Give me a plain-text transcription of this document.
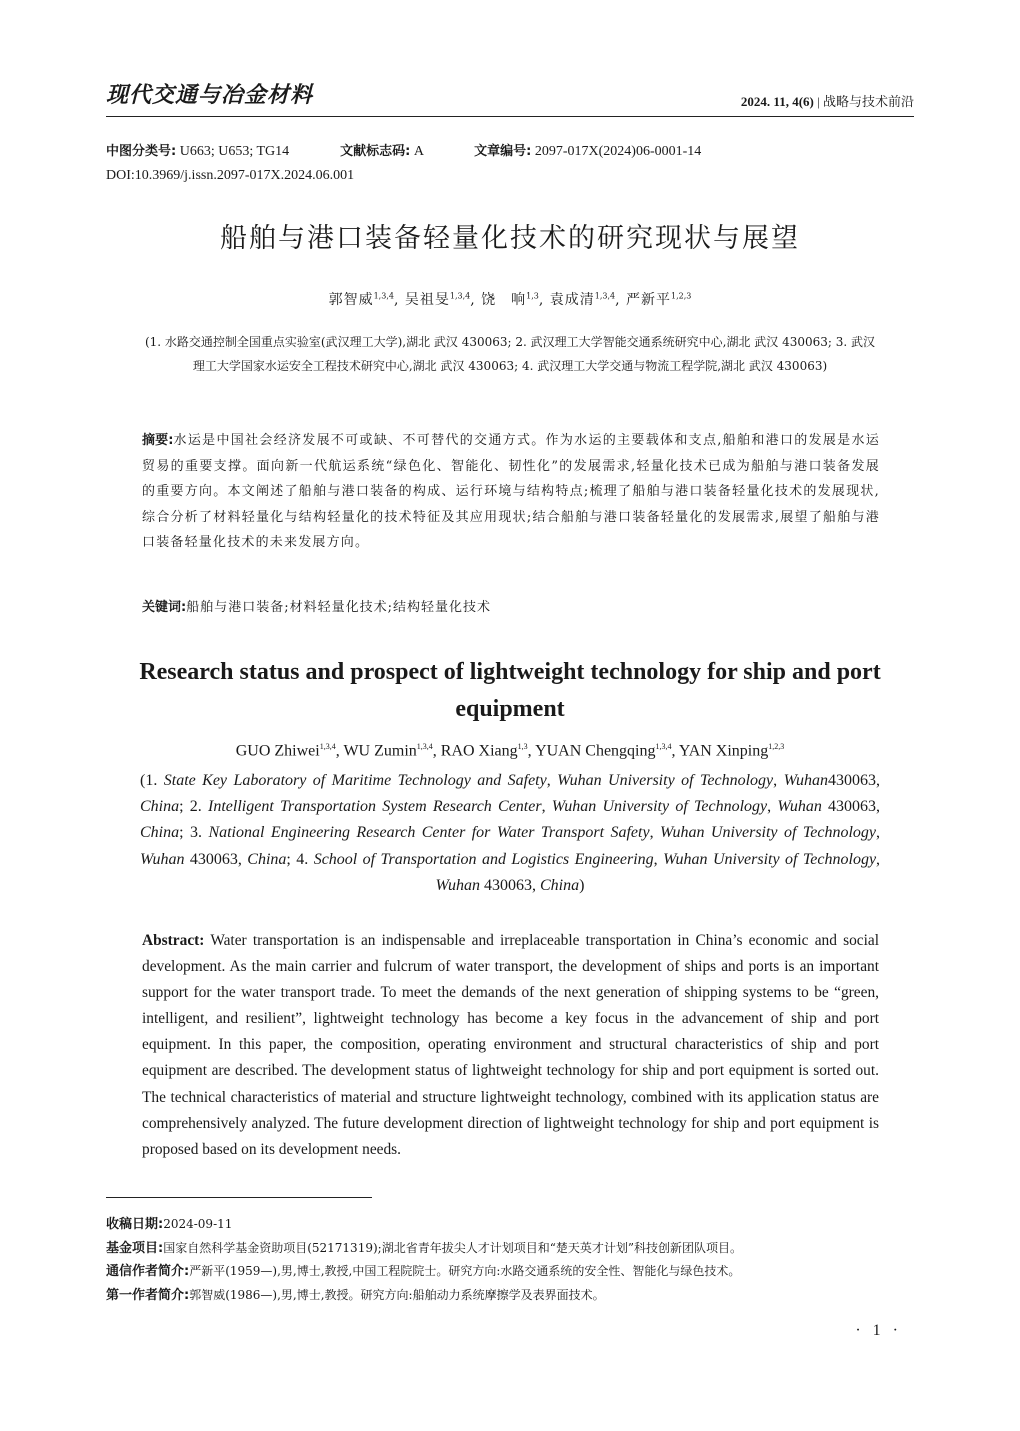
现代交通与冶金材料	2024. 11, 4(6) | 战略与技术前沿
中图分类号: U663; U653; TG14	文献标志码: A	文章编号: 2097-017X(2024)06-0001-14
DOI:10.3969/j.issn.2097-017X.2024.06.001
船舶与港口装备轻量化技术的研究现状与展望
郭智威$^{1,3,4}$, 吴祖旻$^{1,3,4}$, 饶　响$^{1,3}$, 袁成清$^{1,3,4}$, 严新平$^{1,2,3}$
(1. 水路交通控制全国重点实验室(武汉理工大学),湖北 武汉 430063; 2. 武汉理工大学智能交通系统研究中心,湖北 武汉 430063; 3. 武汉理工大学国家水运安全工程技术研究中心,湖北 武汉 430063; 4. 武汉理工大学交通与物流工程学院,湖北 武汉 430063)
摘要:水运是中国社会经济发展不可或缺、不可替代的交通方式。作为水运的主要载体和支点,船舶和港口的发展是水运贸易的重要支撑。面向新一代航运系统“绿色化、智能化、韧性化”的发展需求,轻量化技术已成为船舶与港口装备发展的重要方向。本文阐述了船舶与港口装备的构成、运行环境与结构特点;梳理了船舶与港口装备轻量化技术的发展现状,综合分析了材料轻量化与结构轻量化的技术特征及其应用现状;结合船舶与港口装备轻量化的发展需求,展望了船舶与港口装备轻量化技术的未来发展方向。
关键词:船舶与港口装备;材料轻量化技术;结构轻量化技术
Research status and prospect of lightweight technology for ship and port equipment
GUO Zhiwei$^{1,3,4}$, WU Zumin$^{1,3,4}$, RAO Xiang$^{1,3}$, YUAN Chengqing$^{1,3,4}$, YAN Xinping$^{1,2,3}$
(1. State Key Laboratory of Maritime Technology and Safety, Wuhan University of Technology, Wuhan430063, China; 2. Intelligent Transportation System Research Center, Wuhan University of Technology, Wuhan 430063, China; 3. National Engineering Research Center for Water Transport Safety, Wuhan University of Technology, Wuhan 430063, China; 4. School of Transportation and Logistics Engineering, Wuhan University of Technology, Wuhan 430063, China)
Abstract: Water transportation is an indispensable and irreplaceable transportation in China’s economic and social development. As the main carrier and fulcrum of water transport, the development of ships and ports is an important support for the water transport trade. To meet the demands of the next generation of shipping systems to be “green, intelligent, and resilient”, lightweight technology has become a key focus in the advancement of ship and port equipment. In this paper, the composition, operating environment and structural characteristics of ship and port equipment are described. The development status of lightweight technology for ship and port equipment is sorted out. The technical characteristics of material and structure lightweight technology, combined with its application status are comprehensively analyzed. The future development direction of lightweight technology for ship and port equipment is proposed based on its development needs.
收稿日期:2024-09-11
基金项目:国家自然科学基金资助项目(52171319);湖北省青年拔尖人才计划项目和“楚天英才计划”科技创新团队项目。
通信作者简介:严新平(1959—),男,博士,教授,中国工程院院士。研究方向:水路交通系统的安全性、智能化与绿色技术。
第一作者简介:郭智威(1986—),男,博士,教授。研究方向:船舶动力系统摩擦学及表界面技术。
· 1 ·
